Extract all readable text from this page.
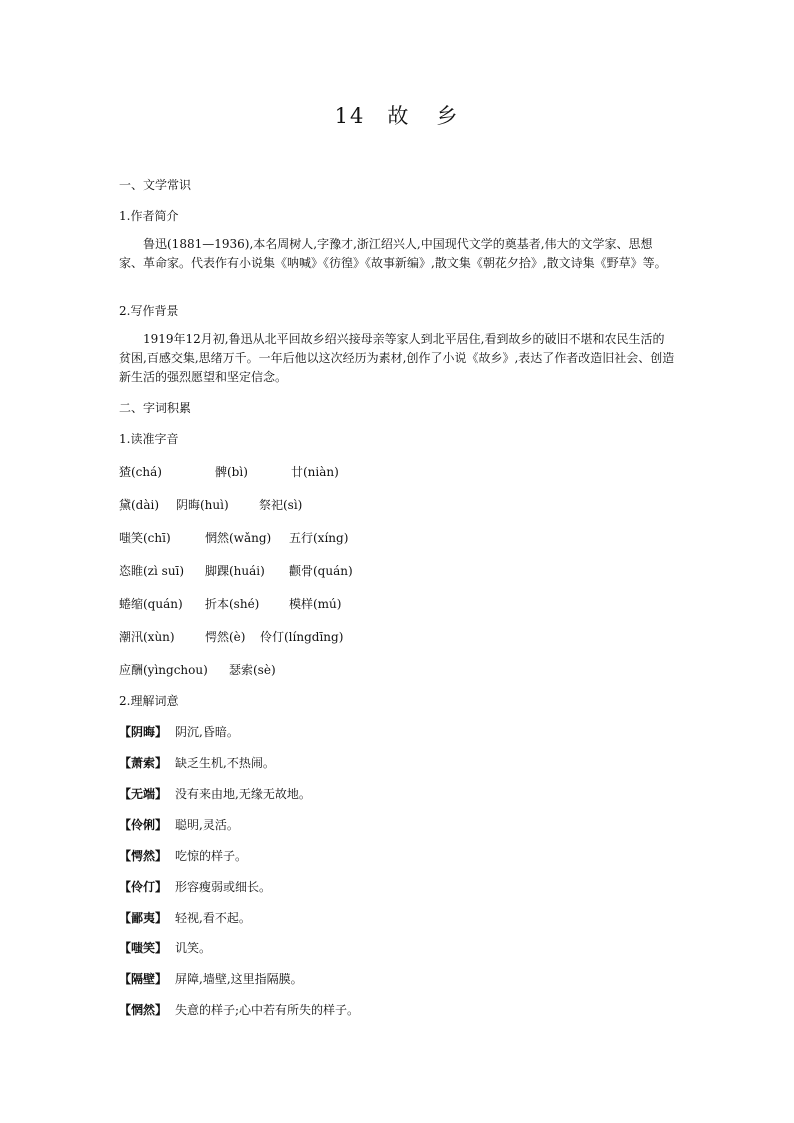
14 故 乡
一、文学常识
1.作者简介

鲁迅(1881—1936),本名周树人,字豫才,浙江绍兴人,中国现代文学的奠基者,伟大的文学家、思想家、革命家。代表作有小说集《呐喊》《彷徨》《故事新编》,散文集《朝花夕拾》,散文诗集《野草》等。

2.写作背景

1919年12月初,鲁迅从北平回故乡绍兴接母亲等家人到北平居住,看到故乡的破旧不堪和农民生活的贫困,百感交集,思绪万千。一年后他以这次经历为素材,创作了小说《故乡》,表达了作者改造旧社会、创造新生活的强烈愿望和坚定信念。

二、字词积累
1.读准字音
猹(chá)	髀(bì)	廿(niàn)
黛(dài) 阴晦(huì)	祭祀(sì)
嗤笑(chī)	惘然(wǎng) 五行(xíng)
恣睢(zì suī) 脚踝(huái) 颧骨(quán)
蜷缩(quán) 折本(shé) 模样(mú)
潮汛(xùn)	愕然(è) 伶仃(língdīng)
应酬(yìngchou) 瑟索(sè)
2.理解词意
【阴晦】 阴沉,昏暗。
【萧索】 缺乏生机,不热闹。
【无端】 没有来由地,无缘无故地。
【伶俐】 聪明,灵活。
【愕然】 吃惊的样子。
【伶仃】 形容瘦弱或细长。
【鄙夷】 轻视,看不起。
【嗤笑】 讥笑。
【隔壁】 屏障,墙壁,这里指隔膜。
【惘然】 失意的样子;心中若有所失的样子。
